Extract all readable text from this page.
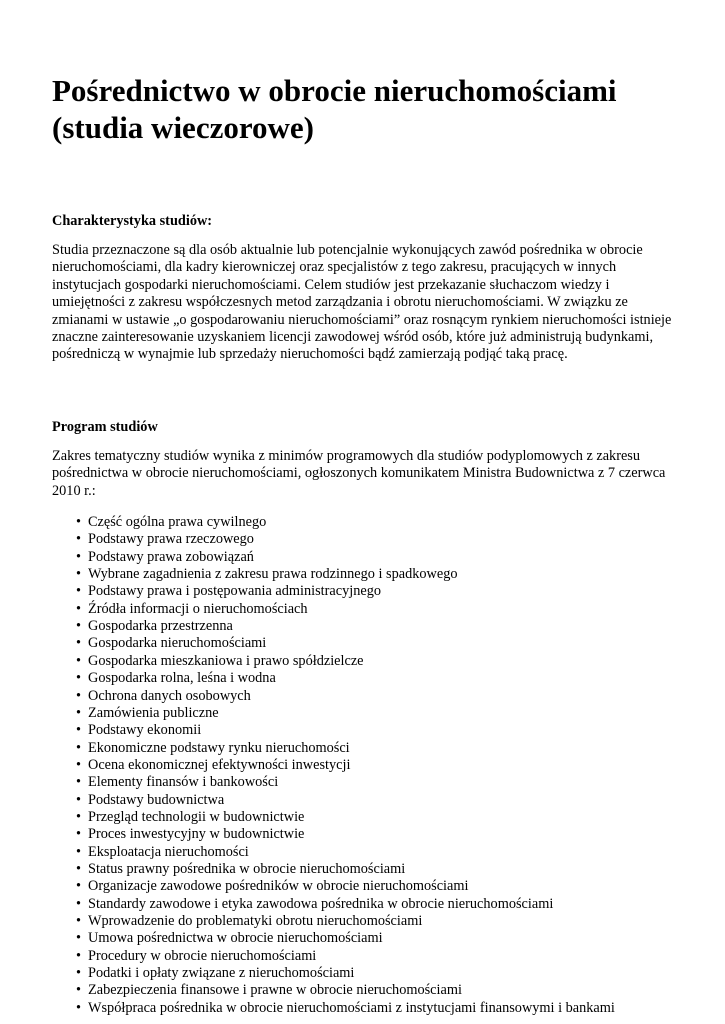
Pośrednictwo w obrocie nieruchomościami (studia wieczorowe)

Charakterystyka studiów:

Studia przeznaczone są dla osób aktualnie lub potencjalnie wykonujących zawód pośrednika w obrocie nieruchomościami, dla kadry kierowniczej oraz specjalistów z tego zakresu, pracujących w innych instytucjach gospodarki nieruchomościami. Celem studiów jest przekazanie słuchaczom wiedzy i umiejętności z zakresu współczesnych metod zarządzania i obrotu nieruchomościami. W związku ze zmianami w ustawie „o gospodarowaniu nieruchomościami” oraz rosnącym rynkiem nieruchomości istnieje znaczne zainteresowanie uzyskaniem licencji zawodowej wśród osób, które już administrują budynkami, pośredniczą w wynajmie lub sprzedaży nieruchomości bądź zamierzają podjąć taką pracę.

Program studiów

Zakres tematyczny studiów wynika z minimów programowych dla studiów podyplomowych z zakresu pośrednictwa w obrocie nieruchomościami, ogłoszonych komunikatem Ministra Budownictwa z 7 czerwca 2010 r.:

• Część ogólna prawa cywilnego
• Podstawy prawa rzeczowego
• Podstawy prawa zobowiązań
• Wybrane zagadnienia z zakresu prawa rodzinnego i spadkowego
• Podstawy prawa i postępowania administracyjnego
• Źródła informacji o nieruchomościach
• Gospodarka przestrzenna
• Gospodarka nieruchomościami
• Gospodarka mieszkaniowa i prawo spółdzielcze
• Gospodarka rolna, leśna i wodna
• Ochrona danych osobowych
• Zamówienia publiczne
• Podstawy ekonomii
• Ekonomiczne podstawy rynku nieruchomości
• Ocena ekonomicznej efektywności inwestycji
• Elementy finansów i bankowości
• Podstawy budownictwa
• Przegląd technologii w budownictwie
• Proces inwestycyjny w budownictwie
• Eksploatacja nieruchomości
• Status prawny pośrednika w obrocie nieruchomościami
• Organizacje zawodowe pośredników w obrocie nieruchomościami
• Standardy zawodowe i etyka zawodowa pośrednika w obrocie nieruchomościami
• Wprowadzenie do problematyki obrotu nieruchomościami
• Umowa pośrednictwa w obrocie nieruchomościami
• Procedury w obrocie nieruchomościami
• Podatki i opłaty związane z nieruchomościami
• Zabezpieczenia finansowe i prawne w obrocie nieruchomościami
• Współpraca pośrednika w obrocie nieruchomościami z instytucjami finansowymi i bankami
